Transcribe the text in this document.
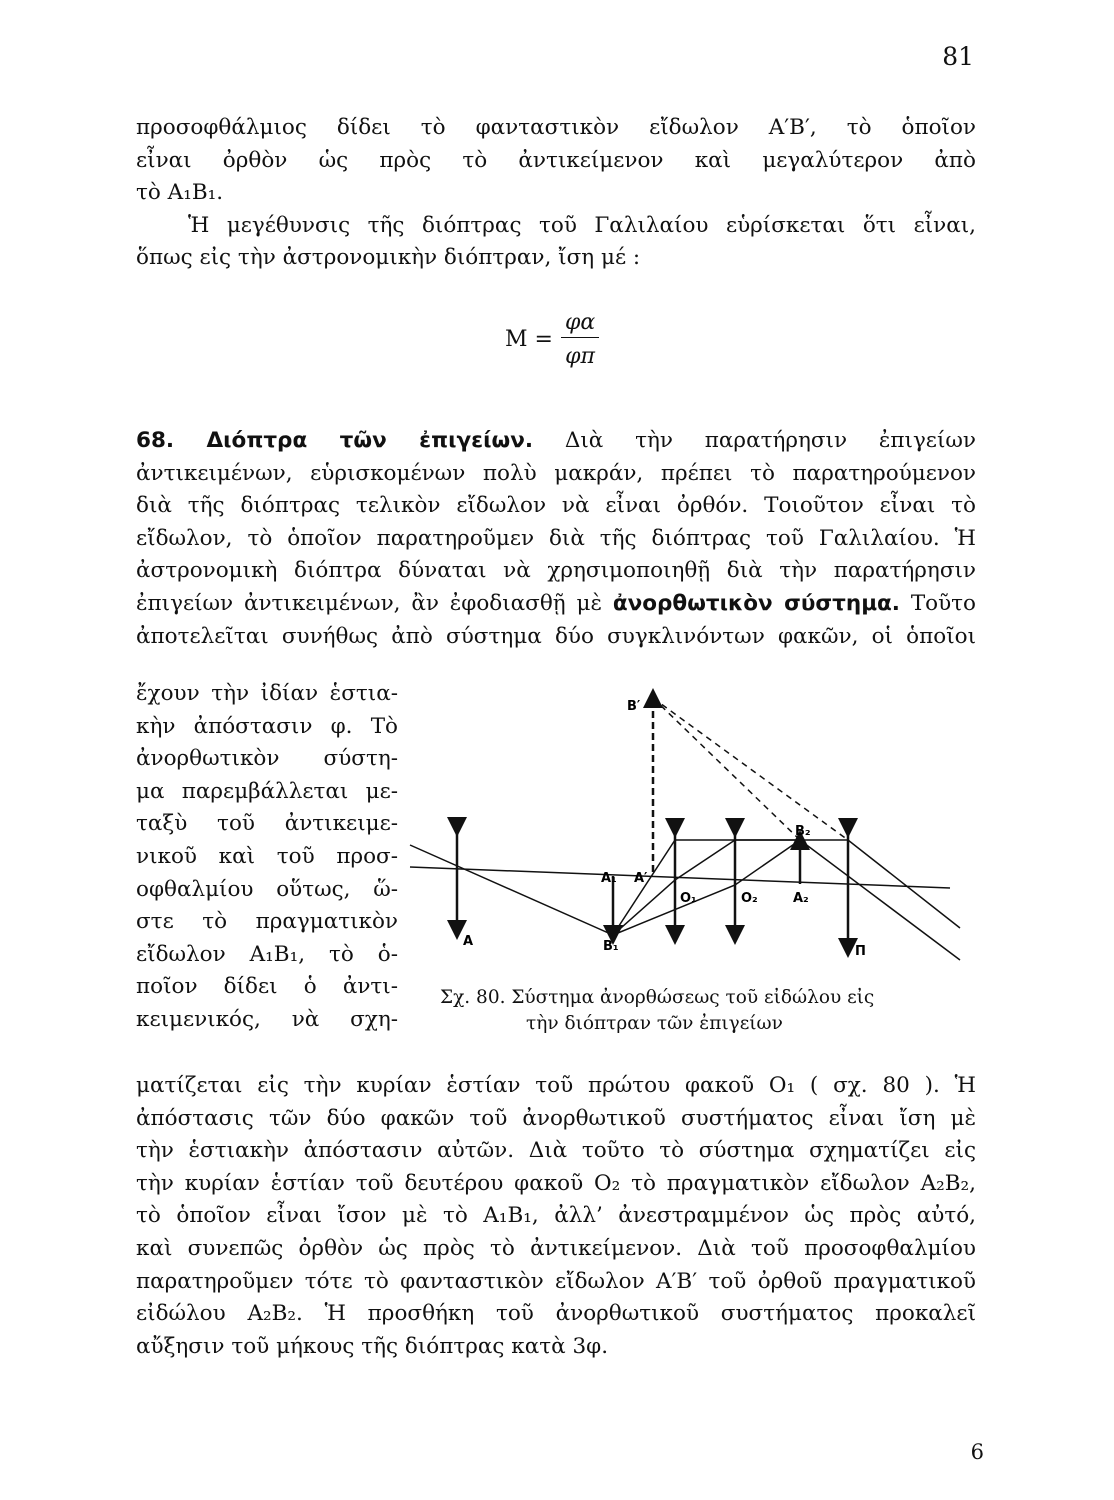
81
προσοφθάλμιος δίδει τὸ φανταστικὸν εἴδωλον A′B′, τὸ ὁποῖον
εἶναι ὀρθὸν ὡς πρὸς τὸ ἀντικείμενον καὶ μεγαλύτερον ἀπὸ
τὸ A₁B₁.
Ἡ μεγέθυνσις τῆς διόπτρας τοῦ Γαλιλαίου εὑρίσκεται ὅτι εἶναι,
ὅπως εἰς τὴν ἀστρονομικὴν διόπτραν, ἴση μέ :
$M = \frac{\varphi\alpha}{\varphi\pi}$
68. Διόπτρα τῶν ἐπιγείων. Διὰ τὴν παρατήρησιν ἐπιγείων
ἀντικειμένων, εὑρισκομένων πολὺ μακράν, πρέπει τὸ παρατηρούμενον
διὰ τῆς διόπτρας τελικὸν εἴδωλον νὰ εἶναι ὀρθόν. Τοιοῦτον εἶναι τὸ
εἴδωλον, τὸ ὁποῖον παρατηροῦμεν διὰ τῆς διόπτρας τοῦ Γαλιλαίου. Ἡ
ἀστρονομικὴ διόπτρα δύναται νὰ χρησιμοποιηθῇ διὰ τὴν παρατήρησιν
ἐπιγείων ἀντικειμένων, ἂν ἐφοδιασθῇ μὲ ἀνορθωτικὸν σύστημα. Τοῦτο
ἀποτελεῖται συνήθως ἀπὸ σύστημα δύο συγκλινόντων φακῶν, οἱ ὁποῖοι
ἔχουν τὴν ἰδίαν ἑστια-
κὴν ἀπόστασιν φ. Τὸ
ἀνορθωτικὸν σύστη-
μα παρεμβάλλεται με-
ταξὺ τοῦ ἀντικειμε-
νικοῦ καὶ τοῦ προσ-
οφθαλμίου οὕτως, ὥ-
στε τὸ πραγματικὸν
εἴδωλον A₁B₁, τὸ ὁ-
ποῖον δίδει ὁ ἀντι-
κειμενικός, νὰ σχη-
B′
B₂
A₁ A′
O₁	O₂	A₂
A	B₁	Π
Σχ. 80. Σύστημα ἀνορθώσεως τοῦ εἰδώλου εἰς
τὴν διόπτραν τῶν ἐπιγείων
ματίζεται εἰς τὴν κυρίαν ἑστίαν τοῦ πρώτου φακοῦ O₁ ( σχ. 80 ). Ἡ
ἀπόστασις τῶν δύο φακῶν τοῦ ἀνορθωτικοῦ συστήματος εἶναι ἴση μὲ
τὴν ἑστιακὴν ἀπόστασιν αὐτῶν. Διὰ τοῦτο τὸ σύστημα σχηματίζει εἰς
τὴν κυρίαν ἑστίαν τοῦ δευτέρου φακοῦ O₂ τὸ πραγματικὸν εἴδωλον A₂B₂,
τὸ ὁποῖον εἶναι ἴσον μὲ τὸ A₁B₁, ἀλλ’ ἀνεστραμμένον ὡς πρὸς αὐτό,
καὶ συνεπῶς ὀρθὸν ὡς πρὸς τὸ ἀντικείμενον. Διὰ τοῦ προσοφθαλμίου
παρατηροῦμεν τότε τὸ φανταστικὸν εἴδωλον A′B′ τοῦ ὀρθοῦ πραγματικοῦ
εἰδώλου A₂B₂. Ἡ προσθήκη τοῦ ἀνορθωτικοῦ συστήματος προκαλεῖ
αὔξησιν τοῦ μήκους τῆς διόπτρας κατὰ 3φ.
6
